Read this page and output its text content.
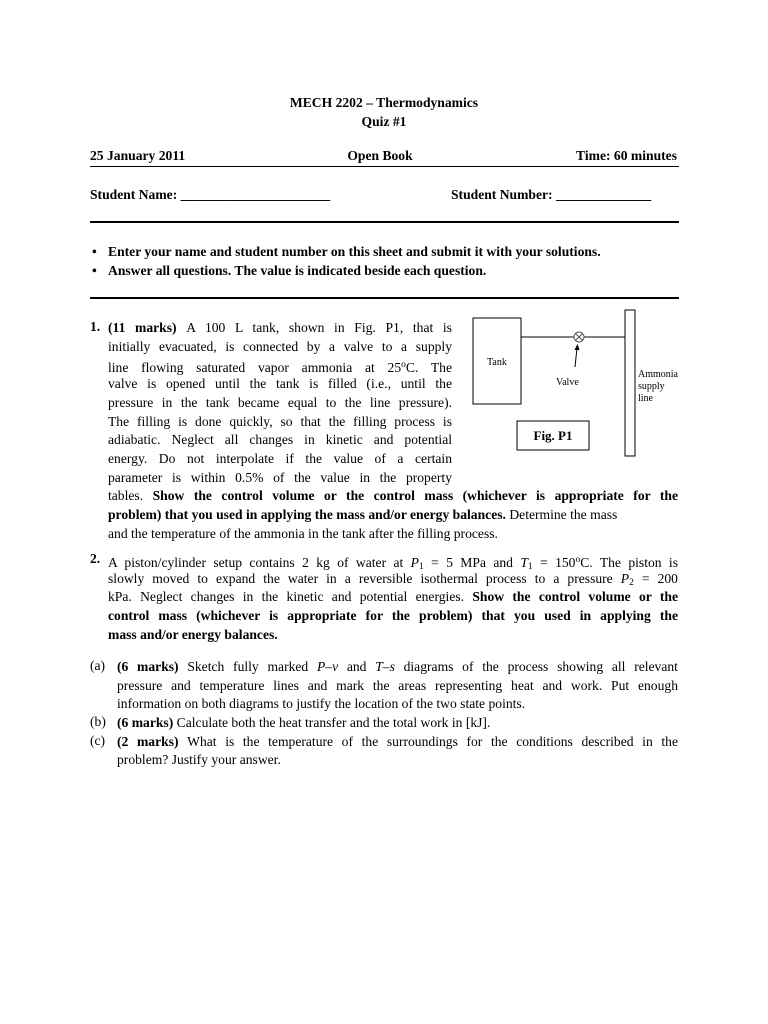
MECH 2202 – Thermodynamics
Quiz #1
25 January 2011	Open Book	Time: 60 minutes
Student Name: ______________________	Student Number: ______________
• Enter your name and student number on this sheet and submit it with your solutions.
• Answer all questions. The value is indicated beside each question.
1. (11 marks) A 100 L tank, shown in Fig. P1, that is
initially evacuated, is connected by a valve to a supply
line flowing saturated vapor ammonia at 25$^o$C. The
valve is opened until the tank is filled (i.e., until the
pressure in the tank became equal to the line pressure).
The filling is done quickly, so that the filling process is
adiabatic. Neglect all changes in kinetic and potential
energy. Do not interpolate if the value of a certain
parameter is within 0.5% of the value in the property
tables. Show the control volume or the control mass (whichever is appropriate for the
problem) that you used in applying the mass and/or energy balances. Determine the mass
and the temperature of the ammonia in the tank after the filling process.
Tank
Valve
Ammonia
supply
line
Fig. P1
2. A piston/cylinder setup contains 2 kg of water at $P_1 = 5$ MPa and $T_1 = 150^oC$. The piston is
slowly moved to expand the water in a reversible isothermal process to a pressure $P_2 = 200$
kPa. Neglect changes in the kinetic and potential energies. Show the control volume or the
control mass (whichever is appropriate for the problem) that you used in applying the
mass and/or energy balances.
(a) (6 marks) Sketch fully marked P–v and T–s diagrams of the process showing all relevant
pressure and temperature lines and mark the areas representing heat and work. Put enough
information on both diagrams to justify the location of the two state points.
(b) (6 marks) Calculate both the heat transfer and the total work in [kJ].
(c) (2 marks) What is the temperature of the surroundings for the conditions described in the
problem? Justify your answer.
